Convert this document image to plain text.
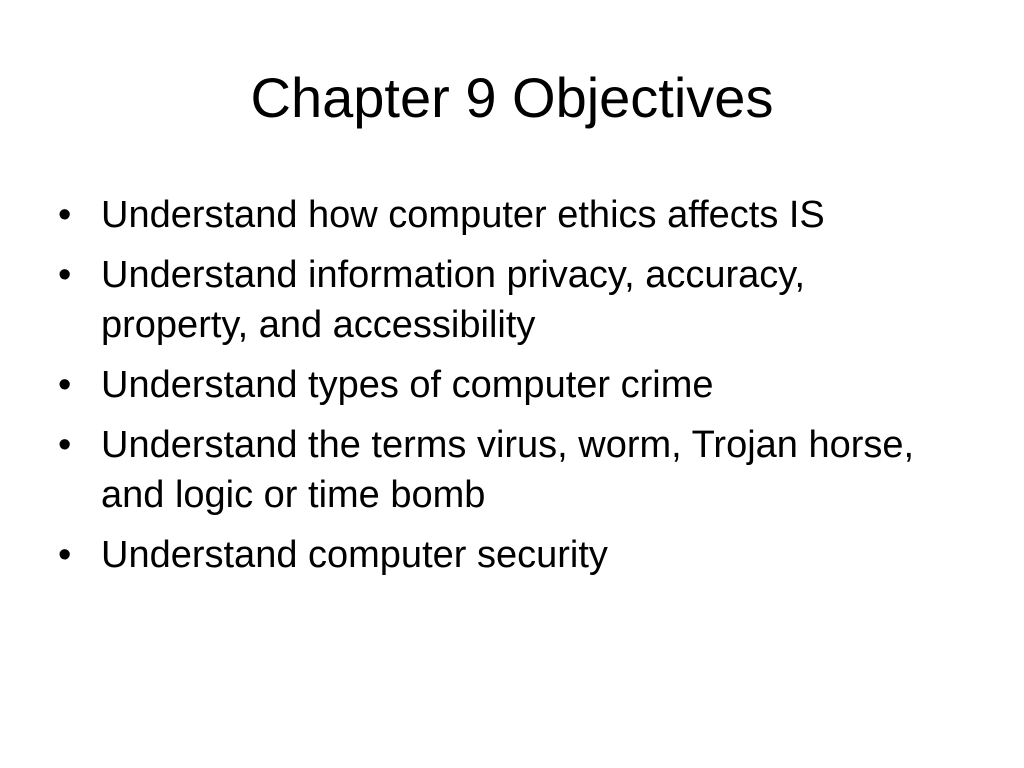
Chapter 9 Objectives
• Understand how computer ethics affects IS
• Understand information privacy, accuracy, property, and accessibility
• Understand types of computer crime
• Understand the terms virus, worm, Trojan horse, and logic or time bomb
• Understand computer security
